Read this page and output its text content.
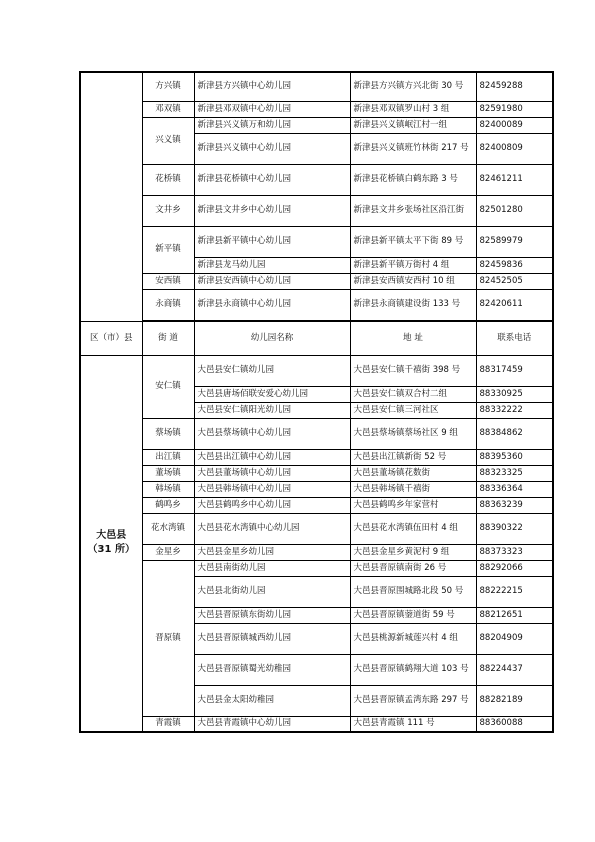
	方兴镇	新津县方兴镇中心幼儿园	新津县方兴镇方兴北街 30 号	82459288
	邓双镇	新津县邓双镇中心幼儿园	新津县邓双镇罗山村 3 组	82591980
	兴义镇	新津县兴义镇万和幼儿园	新津县兴义镇岷江村一组	82400089
		新津县兴义镇中心幼儿园	新津县兴义镇班竹林街 217 号	82400809
	花桥镇	新津县花桥镇中心幼儿园	新津县花桥镇白鹤东路 3 号	82461211
	文井乡	新津县文井乡中心幼儿园	新津县文井乡张场社区沿江街	82501280
	新平镇	新津县新平镇中心幼儿园	新津县新平镇太平下街 89 号	82589979
		新津县龙马幼儿园	新津县新平镇万街村 4 组	82459836
	安西镇	新津县安西镇中心幼儿园	新津县安西镇安西村 10 组	82452505
	永商镇	新津县永商镇中心幼儿园	新津县永商镇建设街 133 号	82420611

区（市）县	街 道	幼儿园名称	地 址	联系电话

大邑县
（31 所）	安仁镇	大邑县安仁镇幼儿园	大邑县安仁镇千禧街 398 号	88317459
		大邑县唐场佰联安爱心幼儿园	大邑县安仁镇双合村二组	88330925
		大邑县安仁镇阳光幼儿园	大邑县安仁镇三河社区	88332222
	蔡场镇	大邑县蔡场镇中心幼儿园	大邑县蔡场镇蔡场社区 9 组	88384862
	出江镇	大邑县出江镇中心幼儿园	大邑县出江镇新街 52 号	88395360
	董场镇	大邑县董场镇中心幼儿园	大邑县董场镇花数街	88323325
	韩场镇	大邑县韩场镇中心幼儿园	大邑县韩场镇千禧街	88336364
	鹤鸣乡	大邑县鹤鸣乡中心幼儿园	大邑县鹤鸣乡年家营村	88363239
	花水湾镇	大邑县花水湾镇中心幼儿园	大邑县花水湾镇伍田村 4 组	88390322
	金星乡	大邑县金星乡幼儿园	大邑县金星乡黄泥村 9 组	88373323
	晋原镇	大邑县南街幼儿园	大邑县晋原镇南街 26 号	88292066
		大邑县北街幼儿园	大邑县晋原围城路北段 50 号	88222215
		大邑县晋原镇东街幼儿园	大邑县晋原镇蓥道街 59 号	88212651
		大邑县晋原镇城西幼儿园	大邑县桃源新城莲兴村 4 组	88204909
		大邑县晋原镇蜀光幼稚园	大邑县晋原镇鹤翔大道 103 号	88224437
		大邑县金太阳幼稚园	大邑县晋原镇孟湾东路 297 号	88282189
	青霞镇	大邑县青霞镇中心幼儿园	大邑县青霞镇 111 号	88360088
